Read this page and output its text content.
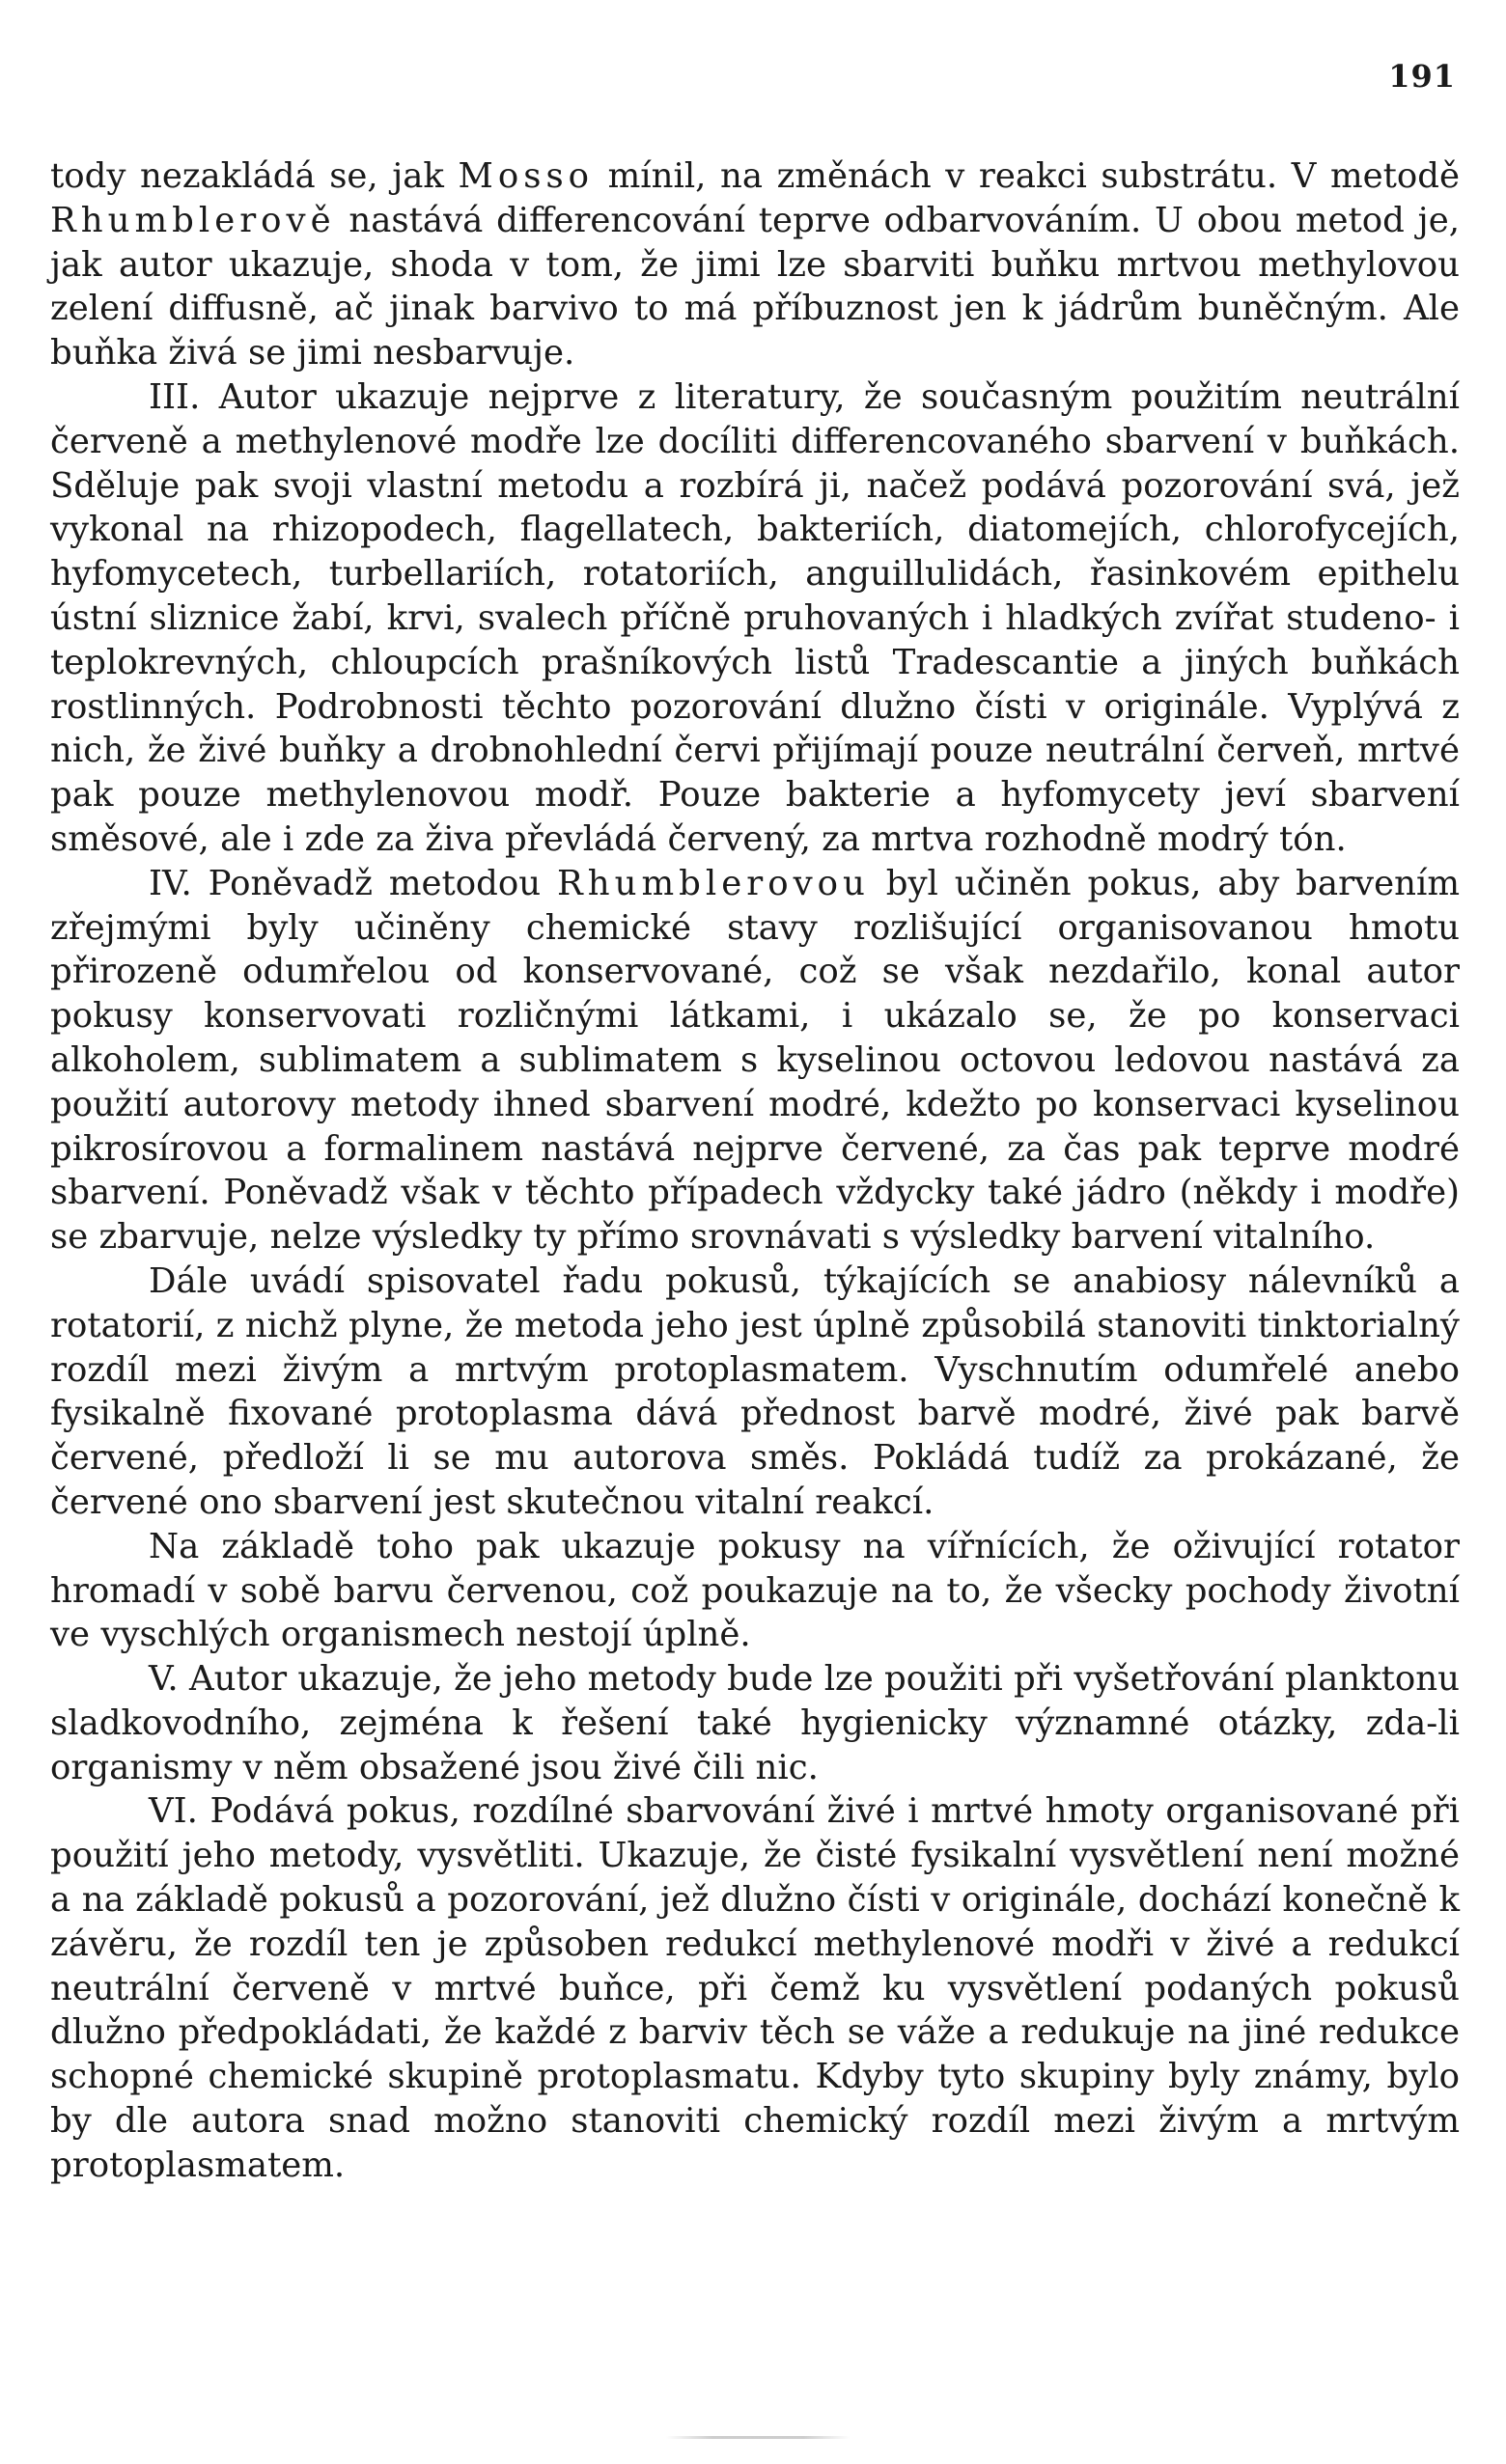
191

tody nezakládá se, jak Mosso mínil, na změnách v reakci substrátu. V metodě Rhumblerově nastává differencování teprve odbarvováním. U obou metod je, jak autor ukazuje, shoda v tom, že jimi lze sbarviti buňku mrtvou methylovou zelení diffusně, ač jinak barvivo to má příbuznost jen k jádrům buněčným. Ale buňka živá se jimi nesbarvuje.

III. Autor ukazuje nejprve z literatury, že současným použitím neutrální červeně a methylenové modře lze docíliti differencovaného sbarvení v buňkách. Sděluje pak svoji vlastní metodu a rozbírá ji, načež podává pozorování svá, jež vykonal na rhizopodech, flagellatech, bakteriích, diatomejích, chlorofycejích, hyfomycetech, turbellariích, rotatoriích, anguillulidách, řasinkovém epithelu ústní sliznice žabí, krvi, svalech příčně pruhovaných i hladkých zvířat studeno- i teplokrevných, chloupcích prašníkových listů Tradescantie a jiných buňkách rostlinných. Podrobnosti těchto pozorování dlužno čísti v originále. Vyplývá z nich, že živé buňky a drobnohlední červi přijímají pouze neutrální červeň, mrtvé pak pouze methylenovou modř. Pouze bakterie a hyfomycety jeví sbarvení směsové, ale i zde za živa převládá červený, za mrtva rozhodně modrý tón.

IV. Poněvadž metodou Rhumblerovou byl učiněn pokus, aby barvením zřejmými byly učiněny chemické stavy rozlišující organisovanou hmotu přirozeně odumřelou od konservované, což se však nezdařilo, konal autor pokusy konservovati rozličnými látkami, i ukázalo se, že po konservaci alkoholem, sublimatem a sublimatem s kyselinou octovou ledovou nastává za použití autorovy metody ihned sbarvení modré, kdežto po konservaci kyselinou pikrosírovou a formalinem nastává nejprve červené, za čas pak teprve modré sbarvení. Poněvadž však v těchto případech vždycky také jádro (někdy i modře) se zbarvuje, nelze výsledky ty přímo srovnávati s výsledky barvení vitalního.

Dále uvádí spisovatel řadu pokusů, týkajících se anabiosy nálevníků a rotatorií, z nichž plyne, že metoda jeho jest úplně způsobilá stanoviti tinktorialný rozdíl mezi živým a mrtvým protoplasmatem. Vyschnutím odumřelé anebo fysikalně fixované protoplasma dává přednost barvě modré, živé pak barvě červené, předloží li se mu autorova směs. Pokládá tudíž za prokázané, že červené ono sbarvení jest skutečnou vitalní reakcí.

Na základě toho pak ukazuje pokusy na vířnících, že oživující rotator hromadí v sobě barvu červenou, což poukazuje na to, že všecky pochody životní ve vyschlých organismech nestojí úplně.

V. Autor ukazuje, že jeho metody bude lze použiti při vyšetřování planktonu sladkovodního, zejména k řešení také hygienicky významné otázky, zda-li organismy v něm obsažené jsou živé čili nic.

VI. Podává pokus, rozdílné sbarvování živé i mrtvé hmoty organisované při použití jeho metody, vysvětliti. Ukazuje, že čisté fysikalní vysvětlení není možné a na základě pokusů a pozorování, jež dlužno čísti v originále, dochází konečně k závěru, že rozdíl ten je způsoben redukcí methylenové modři v živé a redukcí neutrální červeně v mrtvé buňce, při čemž ku vysvětlení podaných pokusů dlužno předpokládati, že každé z barviv těch se váže a redukuje na jiné redukce schopné chemické skupině protoplasmatu. Kdyby tyto skupiny byly známy, bylo by dle autora snad možno stanoviti chemický rozdíl mezi živým a mrtvým protoplasmatem.
